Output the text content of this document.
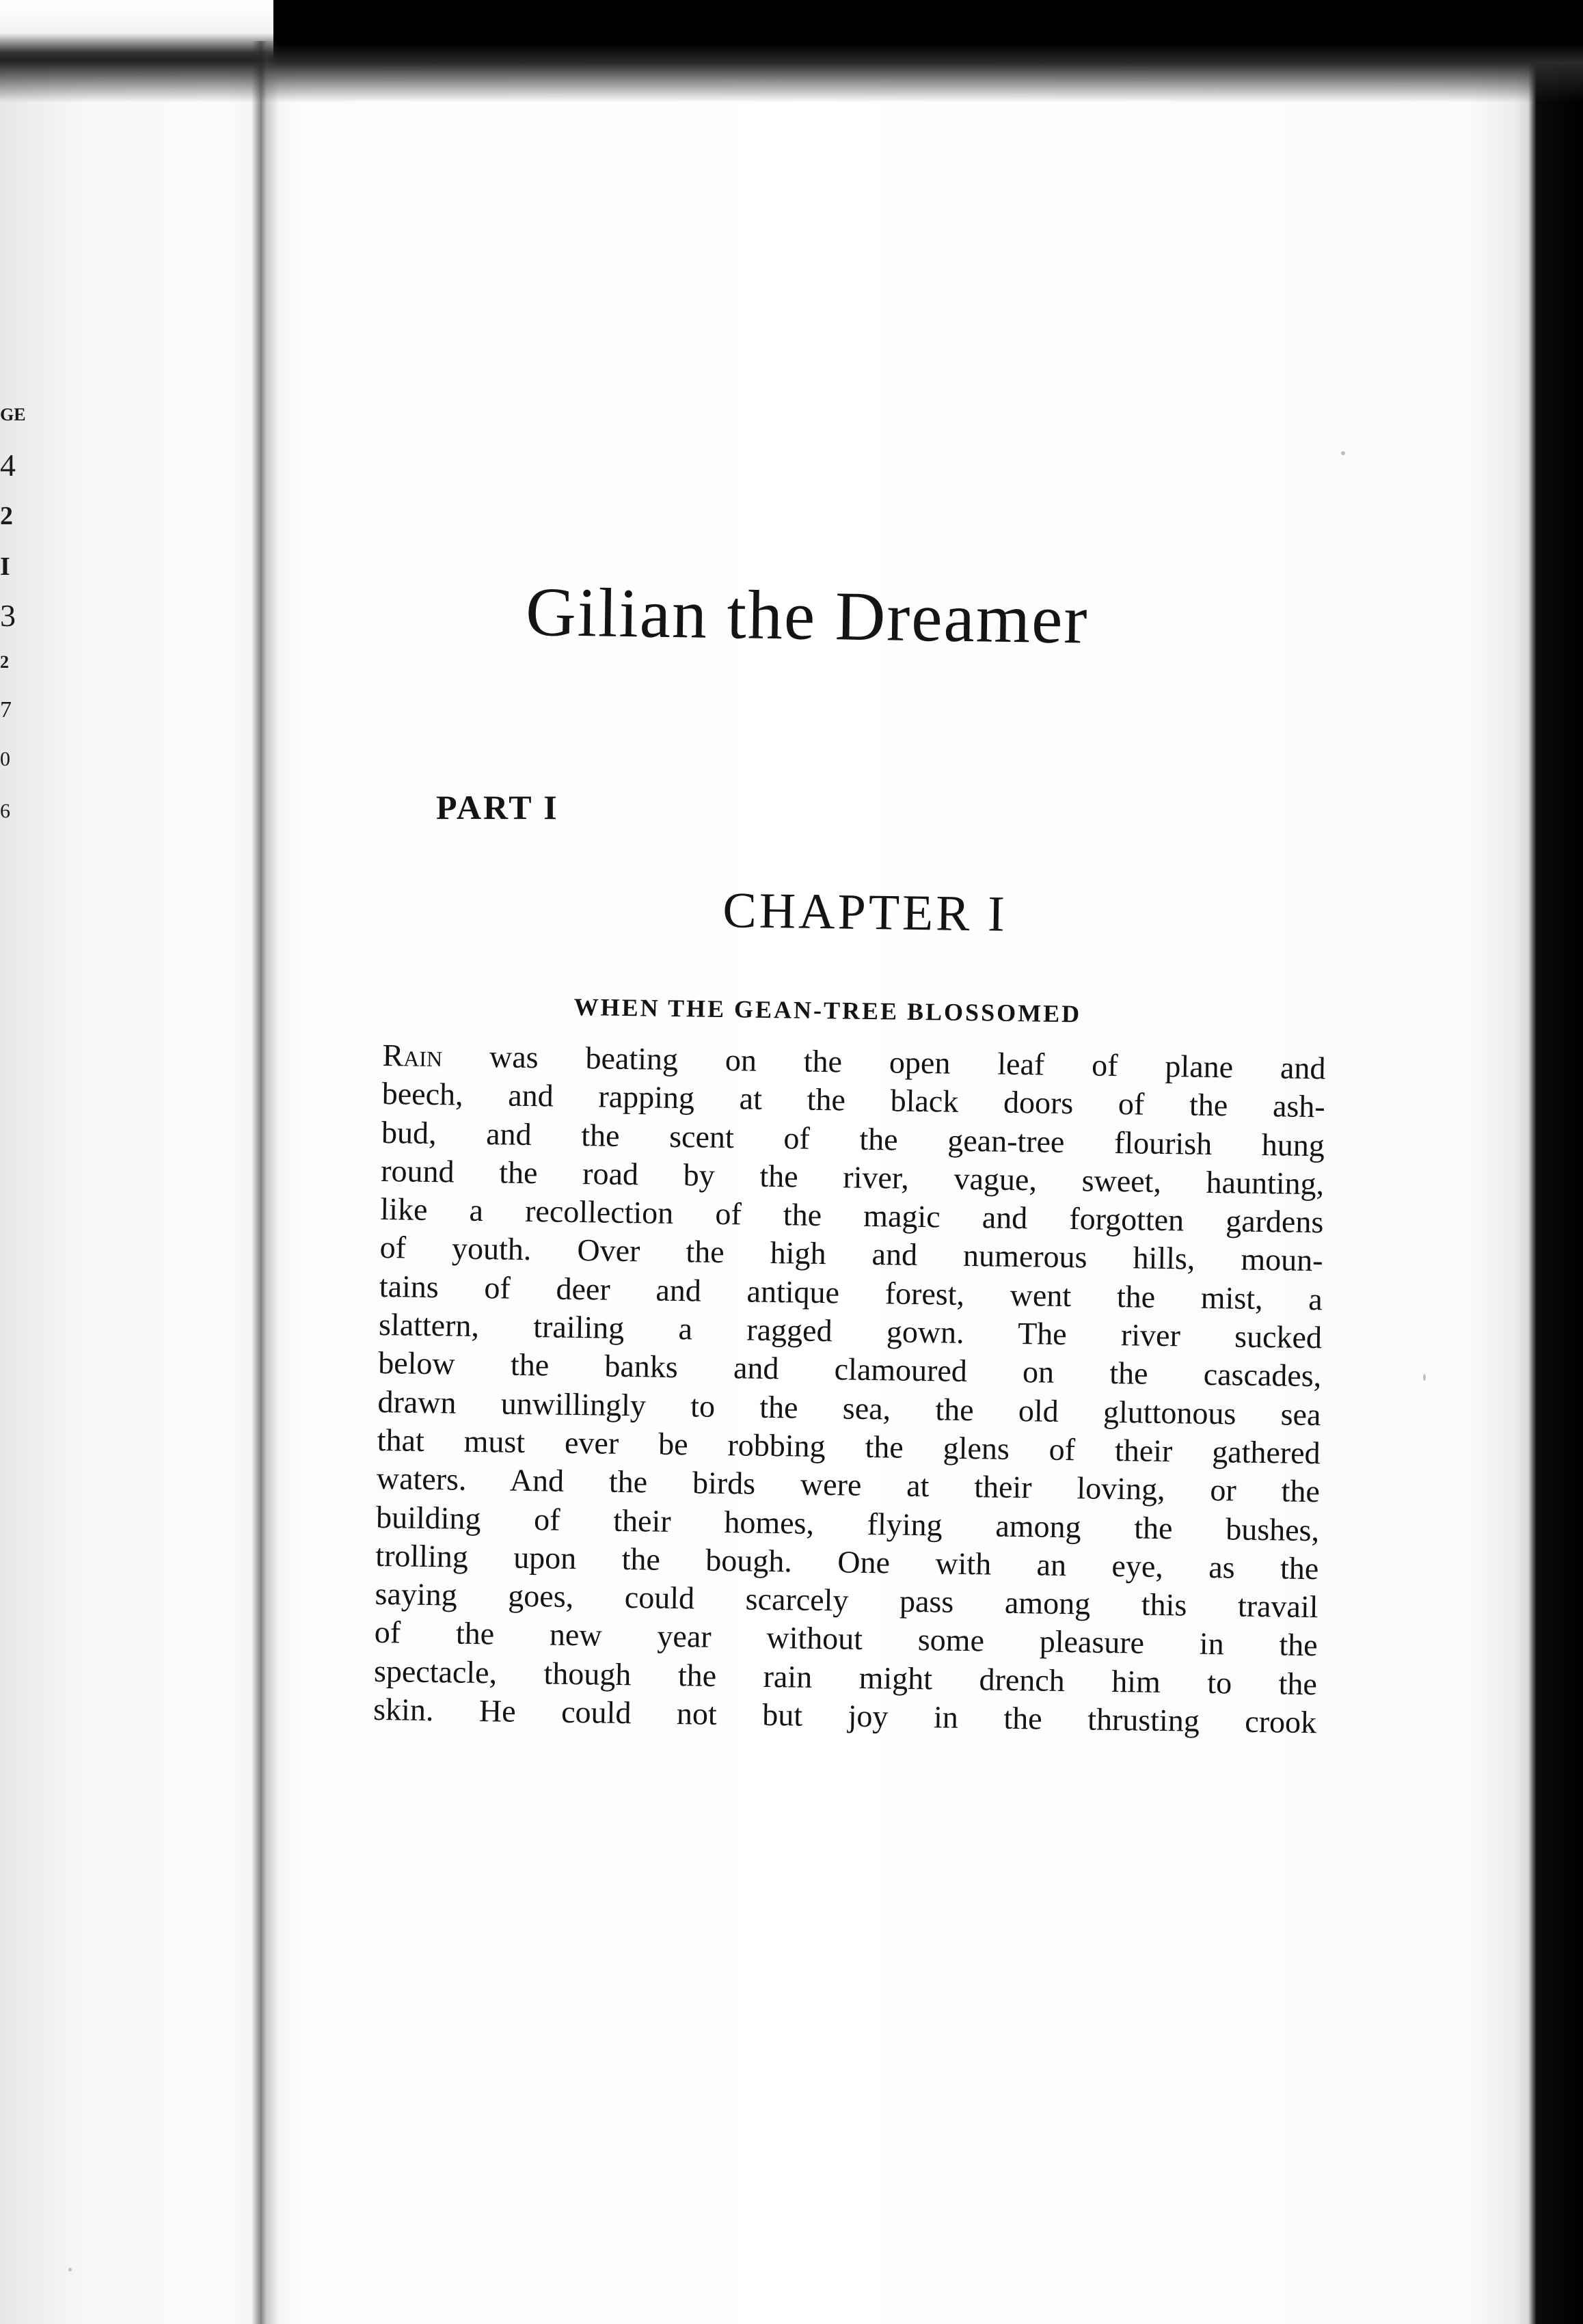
GE
4
2
I
3
2
7
0
6
Gilian the Dreamer
PART I
CHAPTER I
WHEN THE GEAN-TREE BLOSSOMED
Rain was beating on the open leaf of plane and
beech, and rapping at the black doors of the ash-
bud, and the scent of the gean-tree flourish hung
round the road by the river, vague, sweet, haunting,
like a recollection of the magic and forgotten gardens
of youth. Over the high and numerous hills, moun-
tains of deer and antique forest, went the mist, a
slattern, trailing a ragged gown. The river sucked
below the banks and clamoured on the cascades,
drawn unwillingly to the sea, the old gluttonous sea
that must ever be robbing the glens of their gathered
waters. And the birds were at their loving, or the
building of their homes, flying among the bushes,
trolling upon the bough. One with an eye, as the
saying goes, could scarcely pass among this travail
of the new year without some pleasure in the
spectacle, though the rain might drench him to the
skin. He could not but joy in the thrusting crook
